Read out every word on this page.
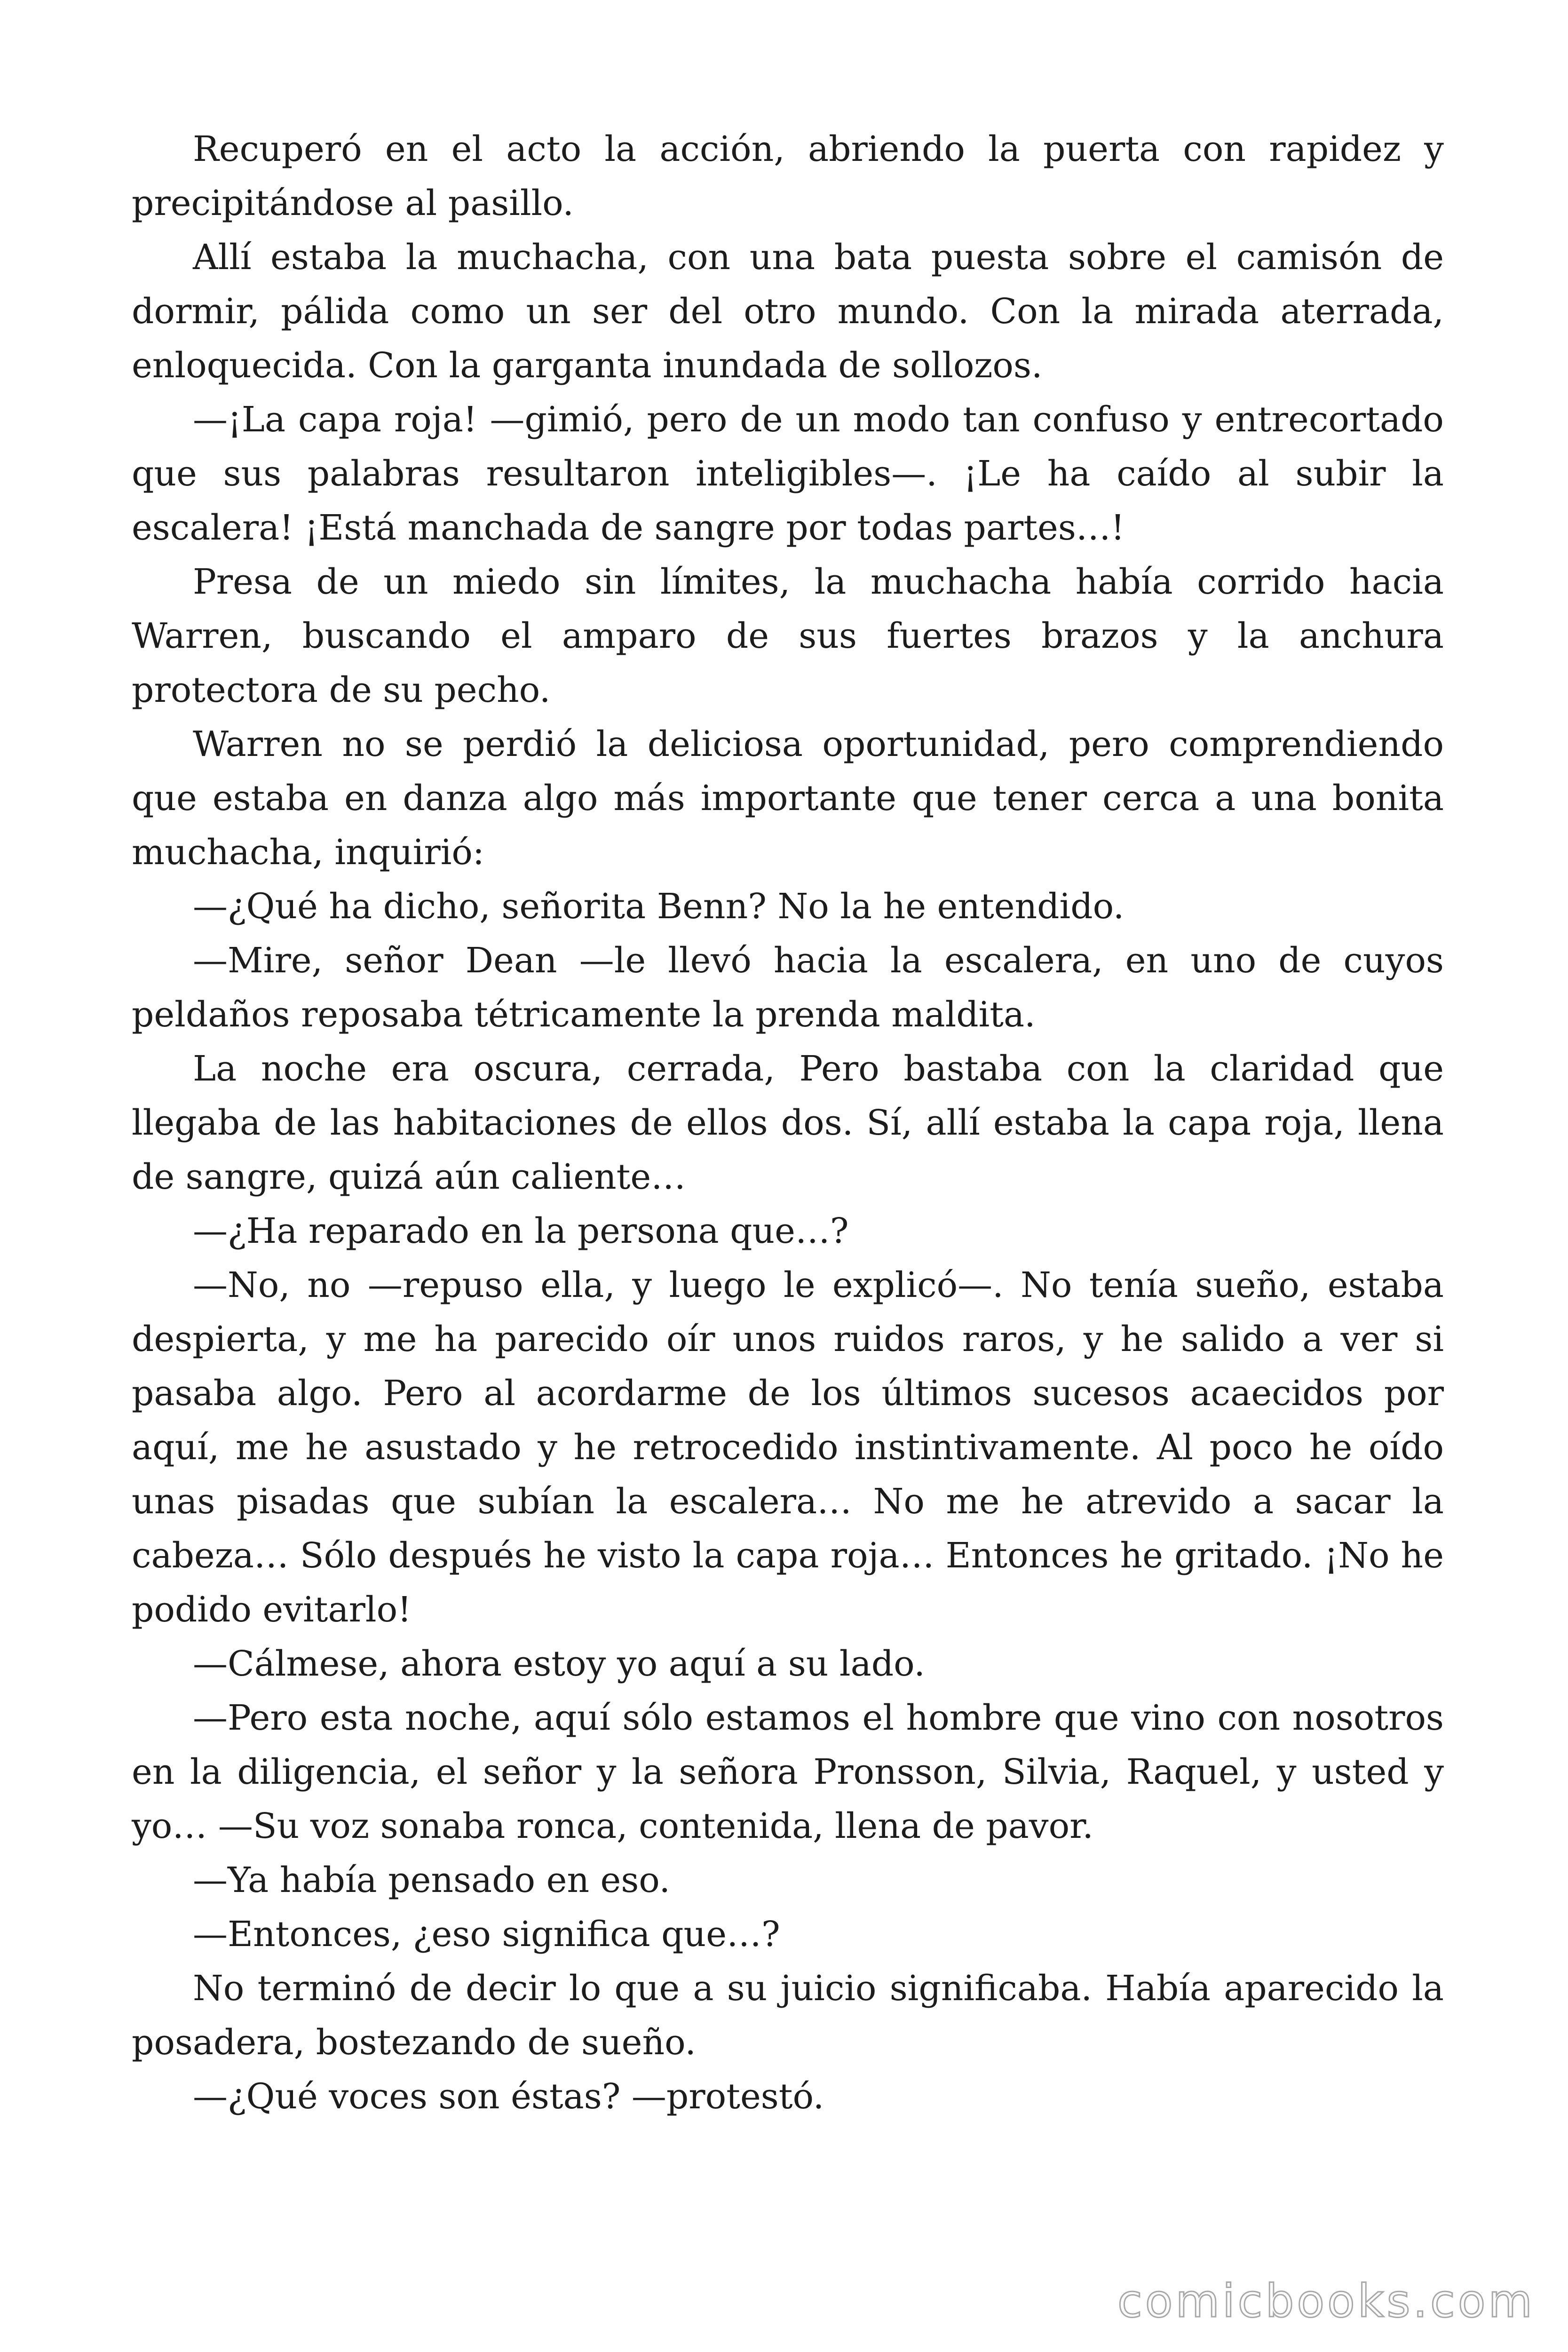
Recuperó en el acto la acción, abriendo la puerta con rapidez y precipitándose al pasillo.

Allí estaba la muchacha, con una bata puesta sobre el camisón de dormir, pálida como un ser del otro mundo. Con la mirada aterrada, enloquecida. Con la garganta inundada de sollozos.

—¡La capa roja! —gimió, pero de un modo tan confuso y entrecortado que sus palabras resultaron inteligibles—. ¡Le ha caído al subir la escalera! ¡Está manchada de sangre por todas partes…!

Presa de un miedo sin límites, la muchacha había corrido hacia Warren, buscando el amparo de sus fuertes brazos y la anchura protectora de su pecho.

Warren no se perdió la deliciosa oportunidad, pero comprendiendo que estaba en danza algo más importante que tener cerca a una bonita muchacha, inquirió:

—¿Qué ha dicho, señorita Benn? No la he entendido.

—Mire, señor Dean —le llevó hacia la escalera, en uno de cuyos peldaños reposaba tétricamente la prenda maldita.

La noche era oscura, cerrada, Pero bastaba con la claridad que llegaba de las habitaciones de ellos dos. Sí, allí estaba la capa roja, llena de sangre, quizá aún caliente…

—¿Ha reparado en la persona que…?

—No, no —repuso ella, y luego le explicó—. No tenía sueño, estaba despierta, y me ha parecido oír unos ruidos raros, y he salido a ver si pasaba algo. Pero al acordarme de los últimos sucesos acaecidos por aquí, me he asustado y he retrocedido instintivamente. Al poco he oído unas pisadas que subían la escalera… No me he atrevido a sacar la cabeza… Sólo después he visto la capa roja… Entonces he gritado. ¡No he podido evitarlo!

—Cálmese, ahora estoy yo aquí a su lado.

—Pero esta noche, aquí sólo estamos el hombre que vino con nosotros en la diligencia, el señor y la señora Pronsson, Silvia, Raquel, y usted y yo… —Su voz sonaba ronca, contenida, llena de pavor.

—Ya había pensado en eso.

—Entonces, ¿eso significa que…?

No terminó de decir lo que a su juicio significaba. Había aparecido la posadera, bostezando de sueño.

—¿Qué voces son éstas? —protestó.

comicbooks.com
